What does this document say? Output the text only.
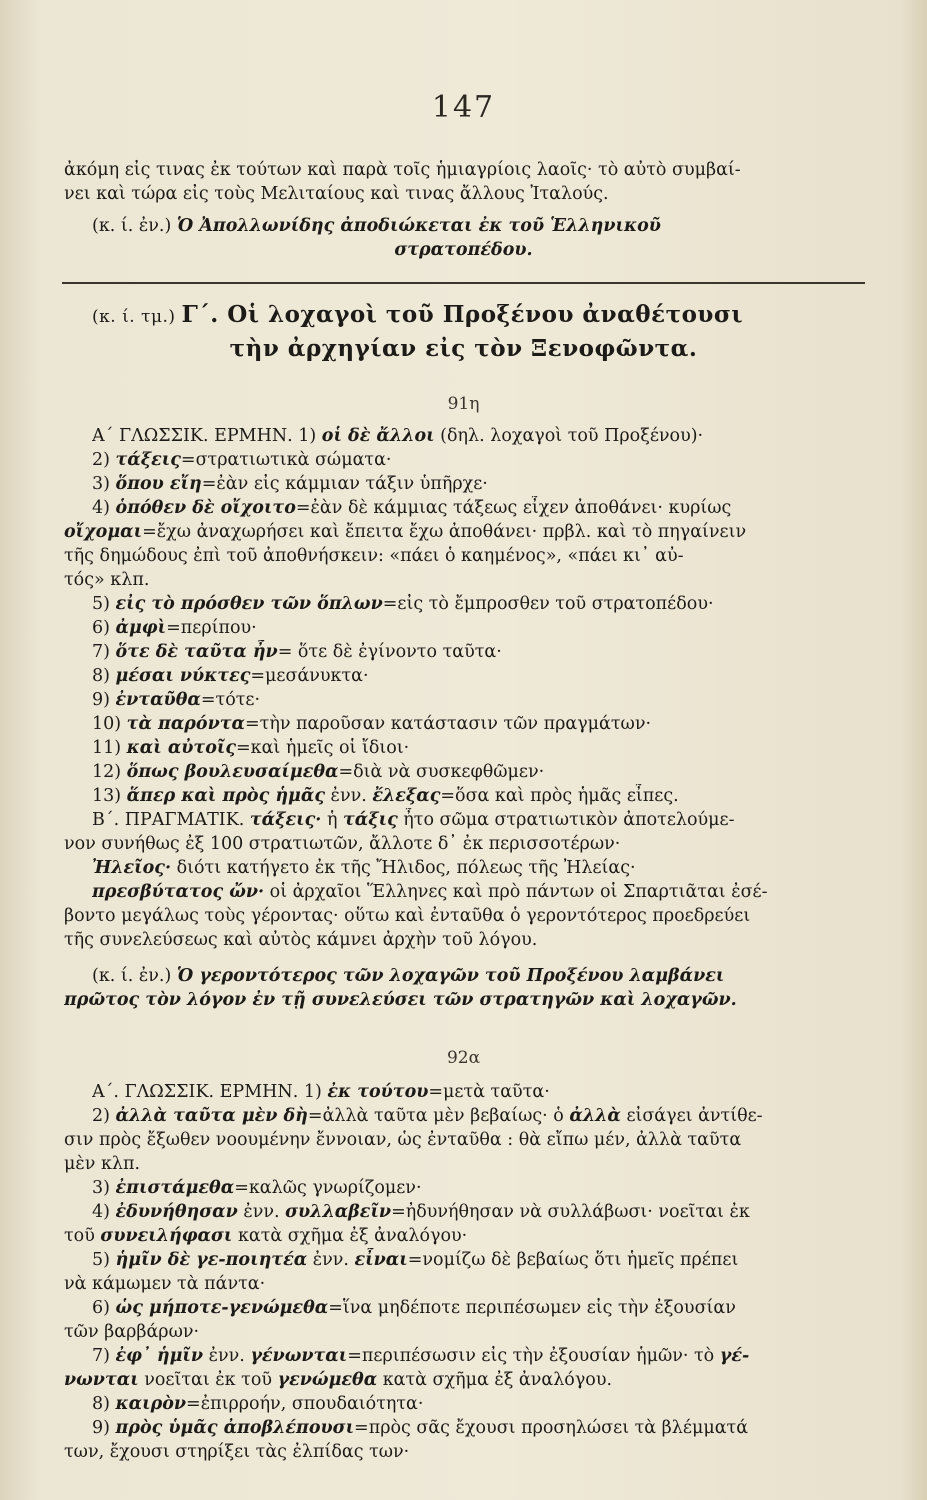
147
ἀκόμη εἰς τινας ἐκ τούτων καὶ παρὰ τοῖς ἡμιαγρίοις λαοῖς· τὸ αὐτὸ συμβαί-
νει καὶ τώρα εἰς τοὺς Μελιταίους καὶ τινας ἄλλους Ἰταλούς.
(κ. ί. ἐν.) Ὁ Ἀπολλωνίδης ἀποδιώκεται ἐκ τοῦ Ἑλληνικοῦ
στρατοπέδου.
(κ. ί. τμ.) Γ΄. Οἱ λοχαγοὶ τοῦ Προξένου ἀναθέτουσι
τὴν ἀρχηγίαν εἰς τὸν Ξενοφῶντα.
91η
Α΄ ΓΛΩΣΣΙΚ. ΕΡΜΗΝ. 1) οἱ δὲ ἄλλοι (δηλ. λοχαγοὶ τοῦ Προξένου)·
2) τάξεις=στρατιωτικὰ σώματα·
3) ὅπου εἴη=ἐὰν εἰς κάμμιαν τάξιν ὑπῆρχε·
4) ὁπόθεν δὲ οἴχοιτο=ἐὰν δὲ κάμμιας τάξεως εἶχεν ἀποθάνει· κυρίως
οἴχομαι=ἔχω ἀναχωρήσει καὶ ἔπειτα ἔχω ἀποθάνει· πρβλ. καὶ τὸ πηγαίνειν
τῆς δημώδους ἐπὶ τοῦ ἀποθνήσκειν: «πάει ὁ καημένος», «πάει κι᾿ αὐ-
τός» κλπ.
5) εἰς τὸ πρόσθεν τῶν ὅπλων=εἰς τὸ ἔμπροσθεν τοῦ στρατοπέδου·
6) ἀμφὶ=περίπου·
7) ὅτε δὲ ταῦτα ἦν= ὅτε δὲ ἐγίνοντο ταῦτα·
8) μέσαι νύκτες=μεσάνυκτα·
9) ἐνταῦθα=τότε·
10) τὰ παρόντα=τὴν παροῦσαν κατάστασιν τῶν πραγμάτων·
11) καὶ αὐτοῖς=καὶ ἡμεῖς οἱ ἴδιοι·
12) ὅπως βουλευσαίμεθα=διὰ νὰ συσκεφθῶμεν·
13) ἅπερ καὶ πρὸς ἡμᾶς ἐνν. ἔλεξας=ὅσα καὶ πρὸς ἡμᾶς εἶπες.
Β΄. ΠΡΑΓΜΑΤΙΚ. τάξεις· ἡ τάξις ἦτο σῶμα στρατιωτικὸν ἀποτελούμε-
νον συνήθως ἐξ 100 στρατιωτῶν, ἄλλοτε δ᾿ ἐκ περισσοτέρων·
Ἠλεῖος· διότι κατήγετο ἐκ τῆς Ἤλιδος, πόλεως τῆς Ἠλείας·
πρεσβύτατος ὤν· οἱ ἀρχαῖοι Ἕλληνες καὶ πρὸ πάντων οἱ Σπαρτιᾶται ἐσέ-
βοντο μεγάλως τοὺς γέροντας· οὕτω καὶ ἐνταῦθα ὁ γεροντότερος προεδρεύει
τῆς συνελεύσεως καὶ αὐτὸς κάμνει ἀρχὴν τοῦ λόγου.
(κ. ί. ἐν.) Ὁ γεροντότερος τῶν λοχαγῶν τοῦ Προξένου λαμβάνει
πρῶτος τὸν λόγον ἐν τῇ συνελεύσει τῶν στρατηγῶν καὶ λοχαγῶν.
92α
Α΄. ΓΛΩΣΣΙΚ. ΕΡΜΗΝ. 1) ἐκ τούτου=μετὰ ταῦτα·
2) ἀλλὰ ταῦτα μὲν δὴ=ἀλλὰ ταῦτα μὲν βεβαίως· ὁ ἀλλὰ εἰσάγει ἀντίθε-
σιν πρὸς ἔξωθεν νοουμένην ἔννοιαν, ὡς ἐνταῦθα : θὰ εἴπω μέν, ἀλλὰ ταῦτα
μὲν κλπ.
3) ἐπιστάμεθα=καλῶς γνωρίζομεν·
4) ἐδυνήθησαν ἐνν. συλλαβεῖν=ἠδυνήθησαν νὰ συλλάβωσι· νοεῖται ἐκ
τοῦ συνειλήφασι κατὰ σχῆμα ἐξ ἀναλόγου·
5) ἡμῖν δὲ γε-ποιητέα ἐνν. εἶναι=νομίζω δὲ βεβαίως ὅτι ἡμεῖς πρέπει
νὰ κάμωμεν τὰ πάντα·
6) ὡς μήποτε-γενώμεθα=ἵνα μηδέποτε περιπέσωμεν εἰς τὴν ἐξουσίαν
τῶν βαρβάρων·
7) ἐφ᾿ ἡμῖν ἐνν. γένωνται=περιπέσωσιν εἰς τὴν ἐξουσίαν ἡμῶν· τὸ γέ-
νωνται νοεῖται ἐκ τοῦ γενώμεθα κατὰ σχῆμα ἐξ ἀναλόγου.
8) καιρὸν=ἐπιρροήν, σπουδαιότητα·
9) πρὸς ὑμᾶς ἀποβλέπουσι=πρὸς σᾶς ἔχουσι προσηλώσει τὰ βλέμματά
των, ἔχουσι στηρίξει τὰς ἐλπίδας των·
